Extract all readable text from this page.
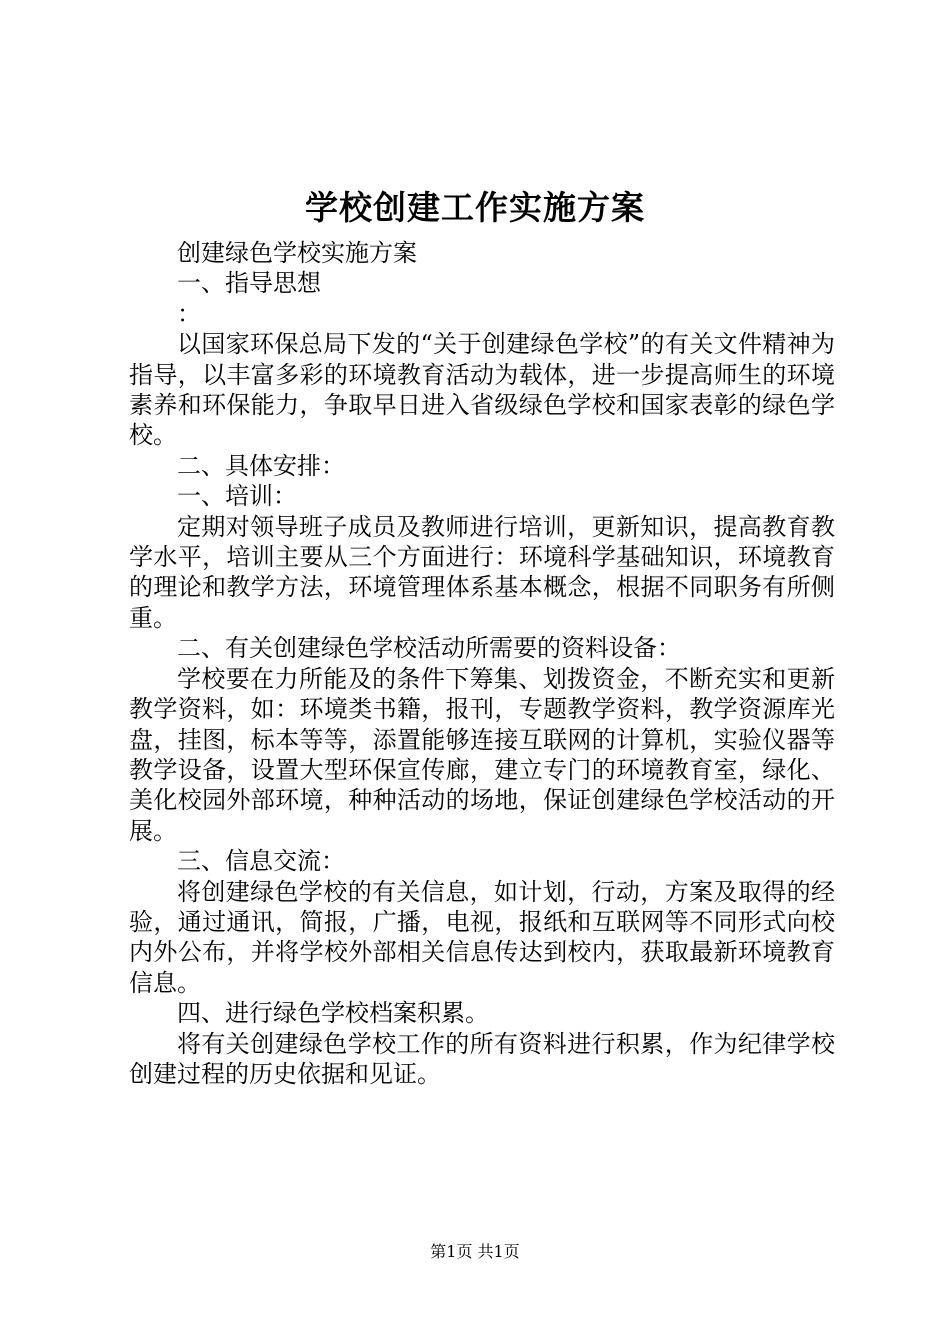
学校创建工作实施方案

创建绿色学校实施方案

一、指导思想

：

以国家环保总局下发的“关于创建绿色学校”的有关文件精神为指导，以丰富多彩的环境教育活动为载体，进一步提高师生的环境素养和环保能力，争取早日进入省级绿色学校和国家表彰的绿色学校。

二、具体安排：

一、培训：

定期对领导班子成员及教师进行培训，更新知识，提高教育教学水平，培训主要从三个方面进行：环境科学基础知识，环境教育的理论和教学方法，环境管理体系基本概念，根据不同职务有所侧重。

二、有关创建绿色学校活动所需要的资料设备：

学校要在力所能及的条件下筹集、划拨资金，不断充实和更新教学资料，如：环境类书籍，报刊，专题教学资料，教学资源库光盘，挂图，标本等等，添置能够连接互联网的计算机，实验仪器等教学设备，设置大型环保宣传廊，建立专门的环境教育室，绿化、美化校园外部环境，种种活动的场地，保证创建绿色学校活动的开展。

三、信息交流：

将创建绿色学校的有关信息，如计划，行动，方案及取得的经验，通过通讯，简报，广播，电视，报纸和互联网等不同形式向校内外公布，并将学校外部相关信息传达到校内，获取最新环境教育信息。

四、进行绿色学校档案积累。

将有关创建绿色学校工作的所有资料进行积累，作为纪律学校创建过程的历史依据和见证。

第1页 共1页
